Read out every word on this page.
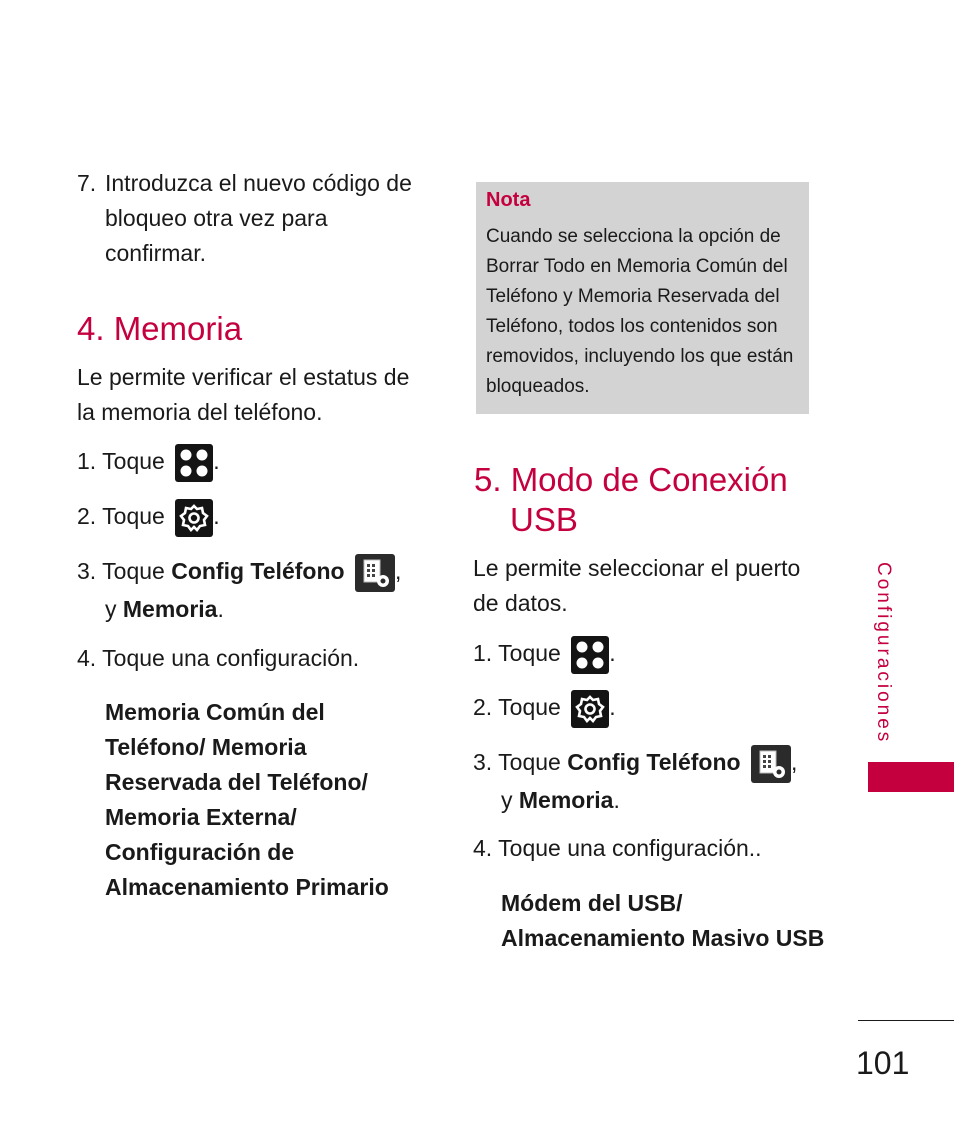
7. Introduzca el nuevo código de bloqueo otra vez para confirmar.
4. Memoria
Le permite verificar el estatus de la memoria del teléfono.
1. Toque .
2. Toque .
3. Toque Config Teléfono ,
y Memoria.
4. Toque una configuración.
Memoria Común del Teléfono/ Memoria Reservada del Teléfono/ Memoria Externa/ Configuración de Almacenamiento Primario
Nota
Cuando se selecciona la opción de Borrar Todo en Memoria Común del Teléfono y Memoria Reservada del Teléfono, todos los contenidos son removidos, incluyendo los que están bloqueados.
5. Modo de Conexión
USB
Le permite seleccionar el puerto de datos.
1. Toque .
2. Toque .
3. Toque Config Teléfono ,
y Memoria.
4. Toque una configuración..
Módem del USB/ Almacenamiento Masivo USB
Configuraciones
101
